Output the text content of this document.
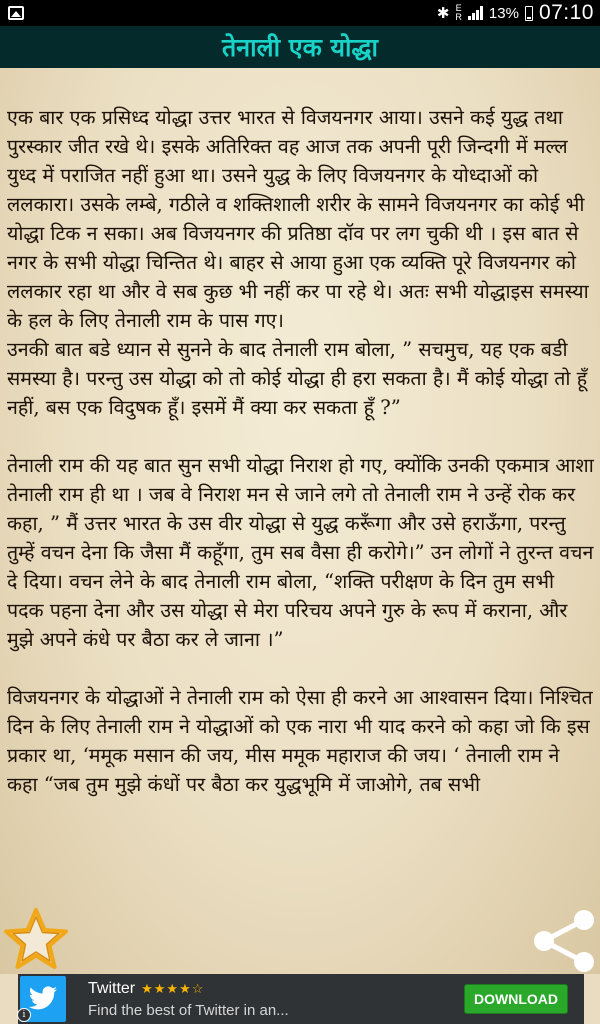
✱ E
R 13% 07:10
तेनाली एक योद्धा

एक बार एक प्रसिध्द योद्धा उत्तर भारत से विजयनगर आया। उसने कई युद्ध तथा पुरस्कार जीत रखे थे। इसके अतिरिक्त वह आज तक अपनी पूरी जिन्दगी में मल्ल युध्द में पराजित नहीं हुआ था। उसने युद्ध के लिए विजयनगर के योध्दाओं को ललकारा। उसके लम्बे, गठीले व शक्तिशाली शरीर के सामने विजयनगर का कोई भी योद्धा टिक न सका। अब विजयनगर की प्रतिष्ठा दॉव पर लग चुकी थी । इस बात से नगर के सभी योद्धा चिन्तित थे। बाहर से आया हुआ एक व्यक्ति पूरे विजयनगर को ललकार रहा था और वे सब कुछ भी नहीं कर पा रहे थे। अतः सभी योद्धाइस समस्या के हल के लिए तेनाली राम के पास गए।

उनकी बात बडे ध्यान से सुनने के बाद तेनाली राम बोला, ” सचमुच, यह एक बडी समस्या है। परन्तु उस योद्धा को तो कोई योद्धा ही हरा सकता है। मैं कोई योद्धा तो हूँ नहीं, बस एक विदुषक हूँ। इसमें मैं क्या कर सकता हूँ ?”

तेनाली राम की यह बात सुन सभी योद्धा निराश हो गए, क्योंकि उनकी एकमात्र आशा तेनाली राम ही था । जब वे निराश मन से जाने लगे तो तेनाली राम ने उन्हें रोक कर कहा, ” मैं उत्तर भारत के उस वीर योद्धा से युद्ध करूँगा और उसे हराऊँगा, परन्तु तुम्हें वचन देना कि जैसा मैं कहूँगा, तुम सब वैसा ही करोगे।” उन लोगों ने तुरन्त वचन दे दिया। वचन लेने के बाद तेनाली राम बोला, “शक्ति परीक्षण के दिन तुम सभी पदक पहना देना और उस योद्धा से मेरा परिचय अपने गुरु के रूप में कराना, और मुझे अपने कंधे पर बैठा कर ले जाना ।”

विजयनगर के योद्धाओं ने तेनाली राम को ऐसा ही करने आ आश्वासन दिया। निश्चित दिन के लिए तेनाली राम ने योद्धाओं को एक नारा भी याद करने को कहा जो कि इस प्रकार था, ‘ममूक मसान की जय, मीस ममूक महाराज की जय। ‘ तेनाली राम ने कहा “जब तुम मुझे कंधों पर बैठा कर युद्धभूमि में जाओगे, तब सभी

Twitter ★★★★☆
Find the best of Twitter in an...
DOWNLOAD
i
